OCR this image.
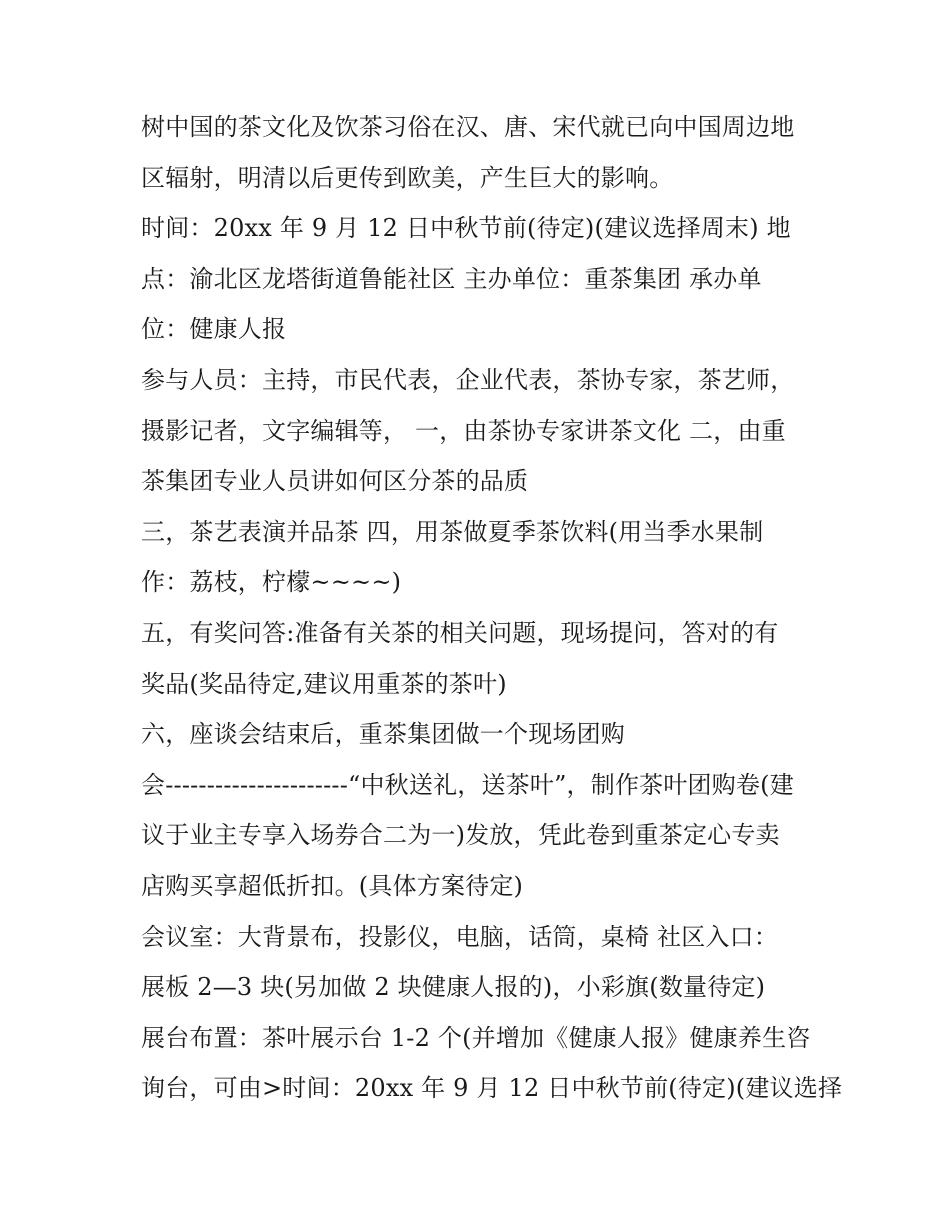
树中国的茶文化及饮茶习俗在汉、唐、宋代就已向中国周边地
区辐射，明清以后更传到欧美，产生巨大的影响。
时间：20xx 年 9 月 12 日中秋节前(待定)(建议选择周末) 地
点：渝北区龙塔街道鲁能社区 主办单位：重茶集团 承办单
位：健康人报
参与人员：主持，市民代表，企业代表，茶协专家，茶艺师，
摄影记者，文字编辑等， 一，由茶协专家讲茶文化 二，由重
茶集团专业人员讲如何区分茶的品质
三，茶艺表演并品茶 四，用茶做夏季茶饮料(用当季水果制
作：荔枝，柠檬~~~~)
五，有奖问答:准备有关茶的相关问题，现场提问，答对的有
奖品(奖品待定,建议用重茶的茶叶)
六，座谈会结束后，重茶集团做一个现场团购
会----------------------“中秋送礼，送茶叶”，制作茶叶团购卷(建
议于业主专享入场券合二为一)发放，凭此卷到重茶定心专卖
店购买享超低折扣。(具体方案待定)
会议室：大背景布，投影仪，电脑，话筒，桌椅 社区入口：
展板 2—3 块(另加做 2 块健康人报的)，小彩旗(数量待定)
展台布置：茶叶展示台 1-2 个(并增加《健康人报》健康养生咨
询台，可由>时间：20xx 年 9 月 12 日中秋节前(待定)(建议选择
